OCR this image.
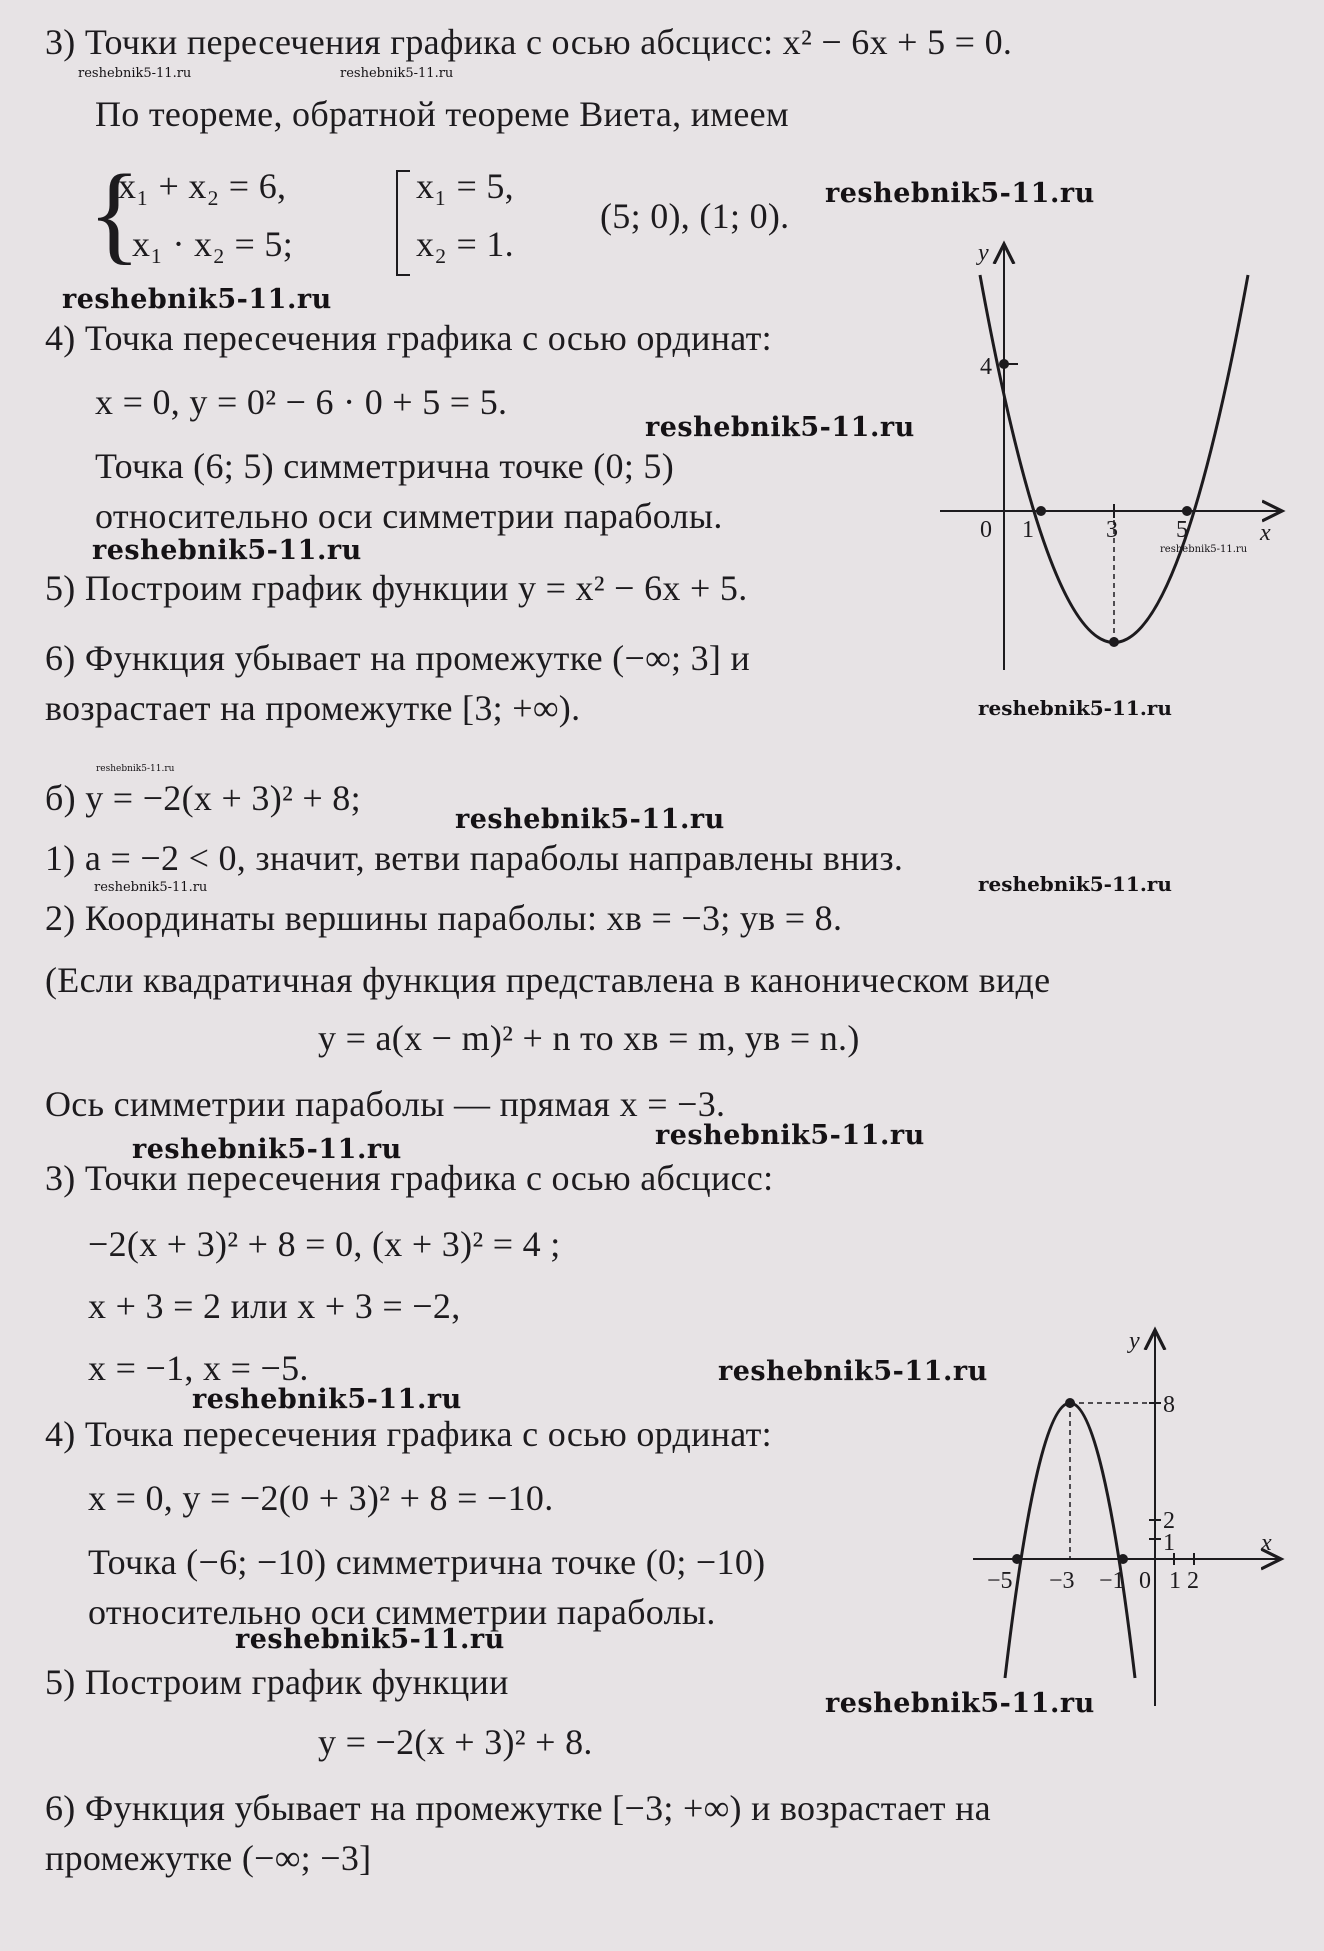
3) Точки пересечения графика с осью абсцисс: x² − 6x + 5 = 0.
reshebnik5-11.ru	reshebnik5-11.ru
По теореме, обратной теореме Виета, имеем
{
x₁ + x₂ = 6,
x₁ · x₂ = 5;
x₁ = 5,
x₂ = 1.
(5; 0), (1; 0).
reshebnik5-11.ru
reshebnik5-11.ru
4) Точка пересечения графика с осью ординат:
x = 0, y = 0² − 6 · 0 + 5 = 5.
reshebnik5-11.ru
Точка (6; 5) симметрична точке (0; 5)
относительно оси симметрии параболы.
reshebnik5-11.ru
5) Построим график функции y = x² − 6x + 5.
6) Функция убывает на промежутке (−∞; 3] и
возрастает на промежутке [3; +∞).
reshebnik5-11.ru
reshebnik5-11.ru
y
x
4
0 1	3 5
reshebnik5-11.ru
б) y = −2(x + 3)² + 8;
reshebnik5-11.ru
1) a = −2 < 0, значит, ветви параболы направлены вниз.
reshebnik5-11.ru	reshebnik5-11.ru
2) Координаты вершины параболы: xв = −3; yв = 8.
(Если квадратичная функция представлена в каноническом виде
y = a(x − m)² + n то xв = m, yв = n.)
Ось симметрии параболы — прямая x = −3.
reshebnik5-11.ru	reshebnik5-11.ru
3) Точки пересечения графика с осью абсцисс:
−2(x + 3)² + 8 = 0, (x + 3)² = 4 ;
x + 3 = 2 или x + 3 = −2,
x = −1, x = −5.	reshebnik5-11.ru
reshebnik5-11.ru
4) Точка пересечения графика с осью ординат:
x = 0, y = −2(0 + 3)² + 8 = −10.
Точка (−6; −10) симметрична точке (0; −10)
относительно оси симметрии параболы.
reshebnik5-11.ru
5) Построим график функции
reshebnik5-11.ru
y = −2(x + 3)² + 8.
6) Функция убывает на промежутке [−3; +∞) и возрастает на
промежутке (−∞; −3]
y
x
8
2
1
−5 −3 −1 0 1 2
